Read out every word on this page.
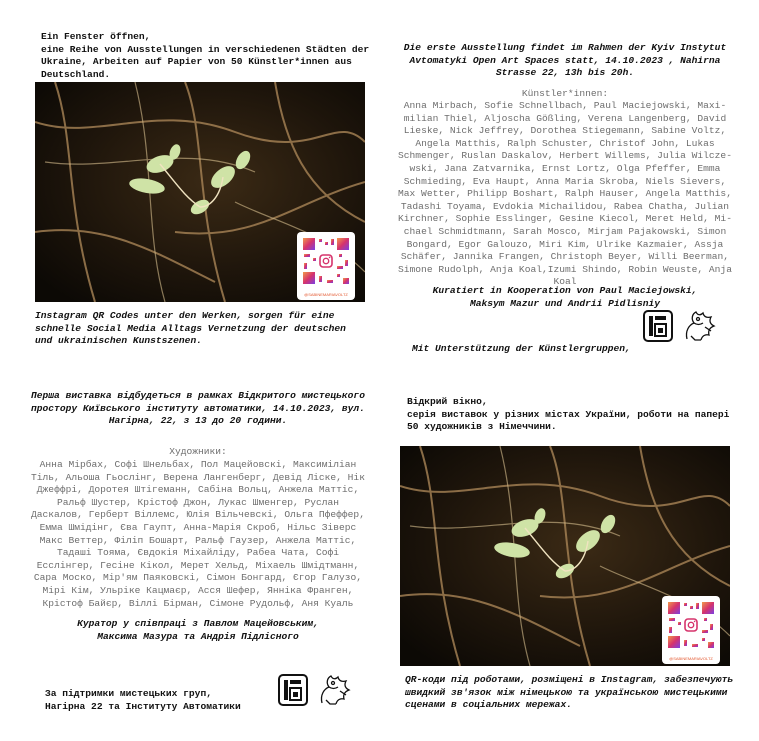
Ein Fenster öffnen,
eine Reihe von Ausstellungen in verschiedenen Städten der
Ukraine, Arbeiten auf Papier von 50 Künstler*innen aus
Deutschland.
@SABINEMARIAVOLTZ
Instagram QR Codes unter den Werken, sorgen für eine
schnelle Social Media Alltags Vernetzung der deutschen
und ukrainischen Kunstszenen.
Die erste Ausstellung findet im Rahmen der Kyiv Instytut
Avtomatyki Open Art Spaces statt, 14.10.2023 , Nahirna
Strasse 22, 13h bis 20h.
Künstler*innen:
Anna Mirbach, Sofie Schnellbach, Paul Maciejowski, Maxi-
milian Thiel, Aljoscha Gößling, Verena Langenberg, David
Lieske, Nick Jeffrey, Dorothea Stiegemann, Sabine Voltz,
Angela Matthis, Ralph Schuster, Christof John, Lukas
Schmenger, Ruslan Daskalov, Herbert Willems, Julia Wilcze-
wski, Jana Zatvarnika, Ernst Lortz, Olga Pfeffer, Emma
Schmieding, Eva Haupt, Anna Maria Skroba, Niels Sievers,
Max Wetter, Philipp Boshart, Ralph Hauser, Angela Matthis,
Tadashi Toyama, Evdokia Michailidou, Rabea Chatha, Julian
Kirchner, Sophie Esslinger, Gesine Kiecol, Meret Held, Mi-
chael Schmidtmann, Sarah Mosco, Mirjam Pajakowski, Simon
Bongard, Egor Galouzo, Miri Kim, Ulrike Kazmaier, Assja
Schäfer, Jannika Frangen, Christoph Beyer, Willi Beerman,
Simone Rudolph, Anja Koal,Izumi Shindo, Robin Weuste, Anja
Koal
Kuratiert in Kooperation von Paul Maciejowski,
Maksym Mazur und Andrii Pidlisniy
Mit Unterstützung der Künstlergruppen,
Перша виставка відбудеться в рамках Відкритого мистецького
простору Київського інституту автоматики, 14.10.2023, вул.
Нагірна, 22, з 13 до 20 години.
Художники:
Анна Мірбах, Софі Шнельбах, Пол Мацейовскі, Максиміліан
Тіль, Альоша Гьослінг, Верена Лангенберг, Девід Ліске, Нік
Джеффрі, Доротея Штігеманн, Сабіна Вольц, Анжела Маттіс,
Ральф Шустер, Крістоф Джон, Лукас Шменгер, Руслан
Даскалов, Герберт Віллемс, Юлія Вільчевскі, Ольга Пфеффер,
Емма Шмідінг, Єва Гаупт, Анна-Марія Скроб, Нільс Зіверс
Макс Веттер, Філіп Бошарт, Ральф Гаузер, Анжела Маттіс,
Тадаші Тояма, Євдокія Міхайліду, Рабеа Чата, Софі
Есслінгер, Гесіне Кікол, Мерет Хельд, Міхаель Шмідтманн,
Сара Моско, Мір'ям Паяковскі, Сімон Бонгард, Єгор Галузо,
Мірі Кім, Ульріке Кацмаєр, Асся Шефер, Янніка Франген,
Крістоф Байєр, Віллі Бірман, Сімоне Рудольф, Аня Куаль
Куратор у співпраці з Павлом Мацейовським,
Максима Мазура та Андрія Підлісного
За підтримки мистецьких груп,
Нагірна 22 та Інституту Автоматики
Відкрий вікно,
серія виставок у різних містах України, роботи на папері
50 художників з Німеччини.
@SABINEMARIAVOLTZ
QR-коди під роботами, розміщені в Instagram, забезпечують
швидкий зв'язок між німецькою та українською мистецькими
сценами в соціальних мережах.
